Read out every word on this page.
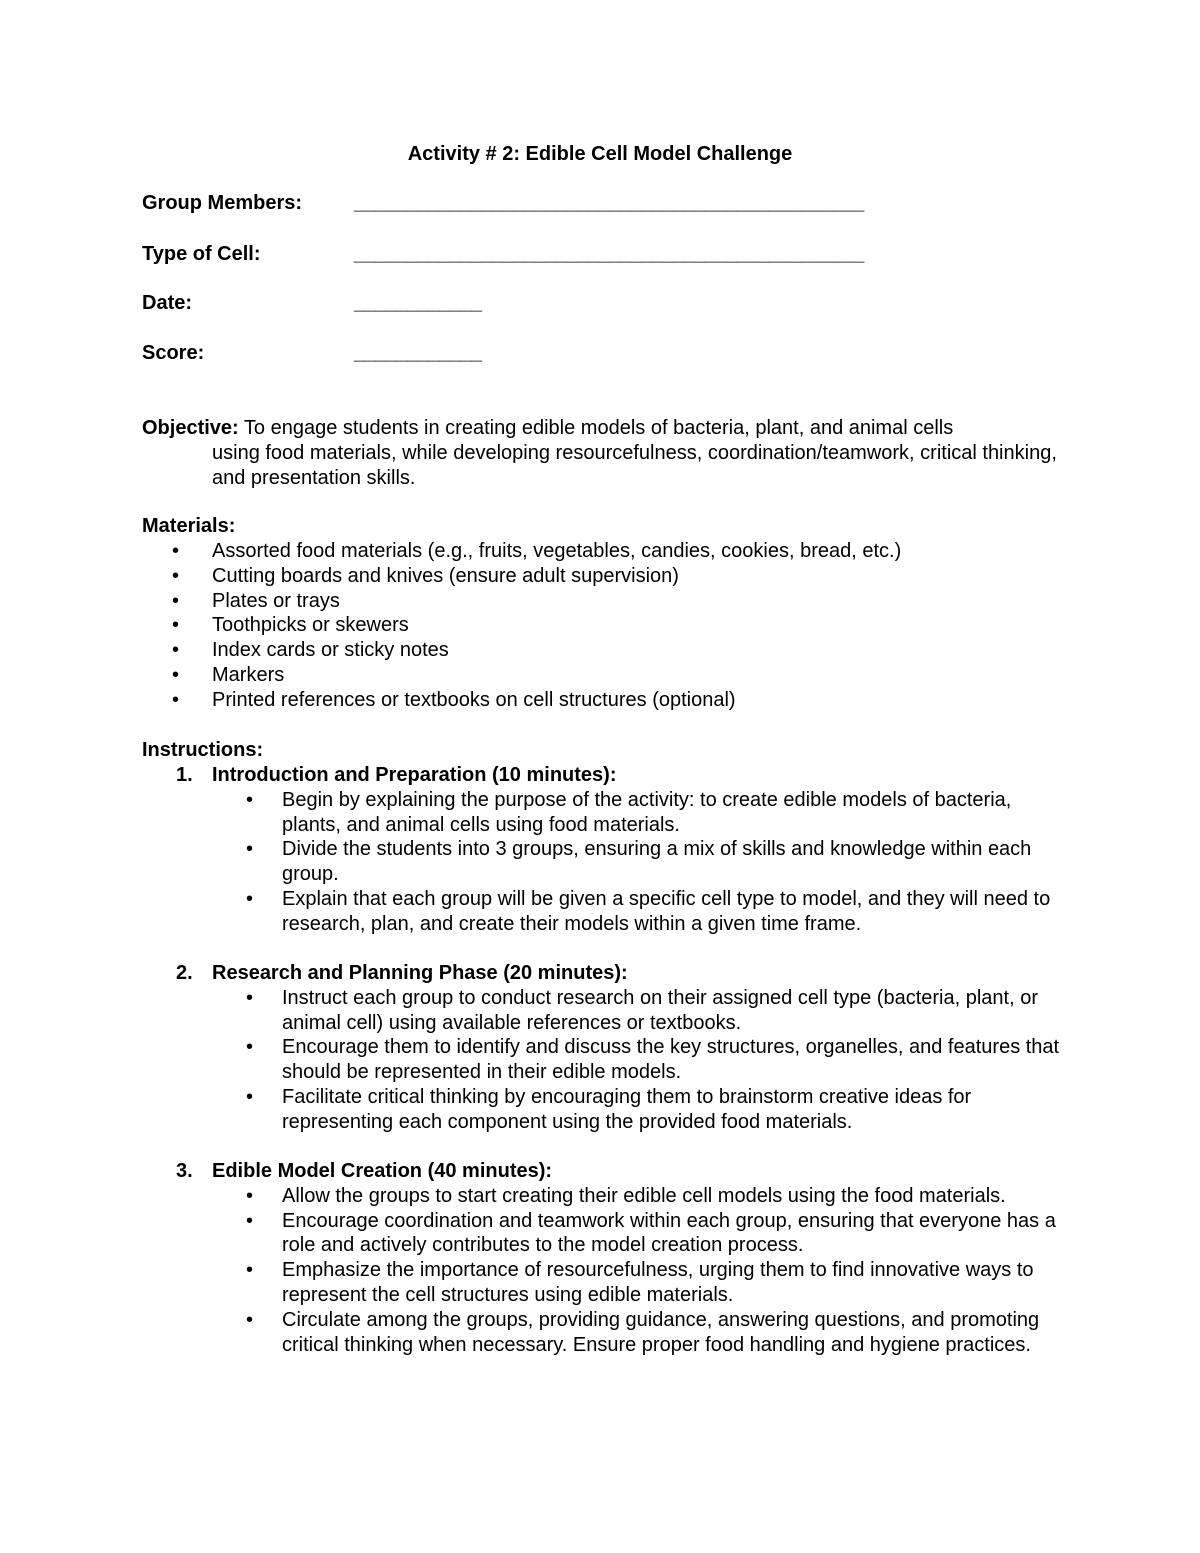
Activity # 2: Edible Cell Model Challenge
Group Members:	________________________________________________
Type of Cell:	________________________________________________
Date:	____________
Score:	____________
Objective: To engage students in creating edible models of bacteria, plant, and animal cells
using food materials, while developing resourcefulness, coordination/teamwork, critical thinking, and presentation skills.
Materials:
• Assorted food materials (e.g., fruits, vegetables, candies, cookies, bread, etc.)
• Cutting boards and knives (ensure adult supervision)
• Plates or trays
• Toothpicks or skewers
• Index cards or sticky notes
• Markers
• Printed references or textbooks on cell structures (optional)
Instructions:
1. Introduction and Preparation (10 minutes):
• Begin by explaining the purpose of the activity: to create edible models of bacteria, plants, and animal cells using food materials.
• Divide the students into 3 groups, ensuring a mix of skills and knowledge within each group.
• Explain that each group will be given a specific cell type to model, and they will need to research, plan, and create their models within a given time frame.
2. Research and Planning Phase (20 minutes):
• Instruct each group to conduct research on their assigned cell type (bacteria, plant, or animal cell) using available references or textbooks.
• Encourage them to identify and discuss the key structures, organelles, and features that should be represented in their edible models.
• Facilitate critical thinking by encouraging them to brainstorm creative ideas for representing each component using the provided food materials.
3. Edible Model Creation (40 minutes):
• Allow the groups to start creating their edible cell models using the food materials.
• Encourage coordination and teamwork within each group, ensuring that everyone has a role and actively contributes to the model creation process.
• Emphasize the importance of resourcefulness, urging them to find innovative ways to represent the cell structures using edible materials.
• Circulate among the groups, providing guidance, answering questions, and promoting critical thinking when necessary. Ensure proper food handling and hygiene practices.
